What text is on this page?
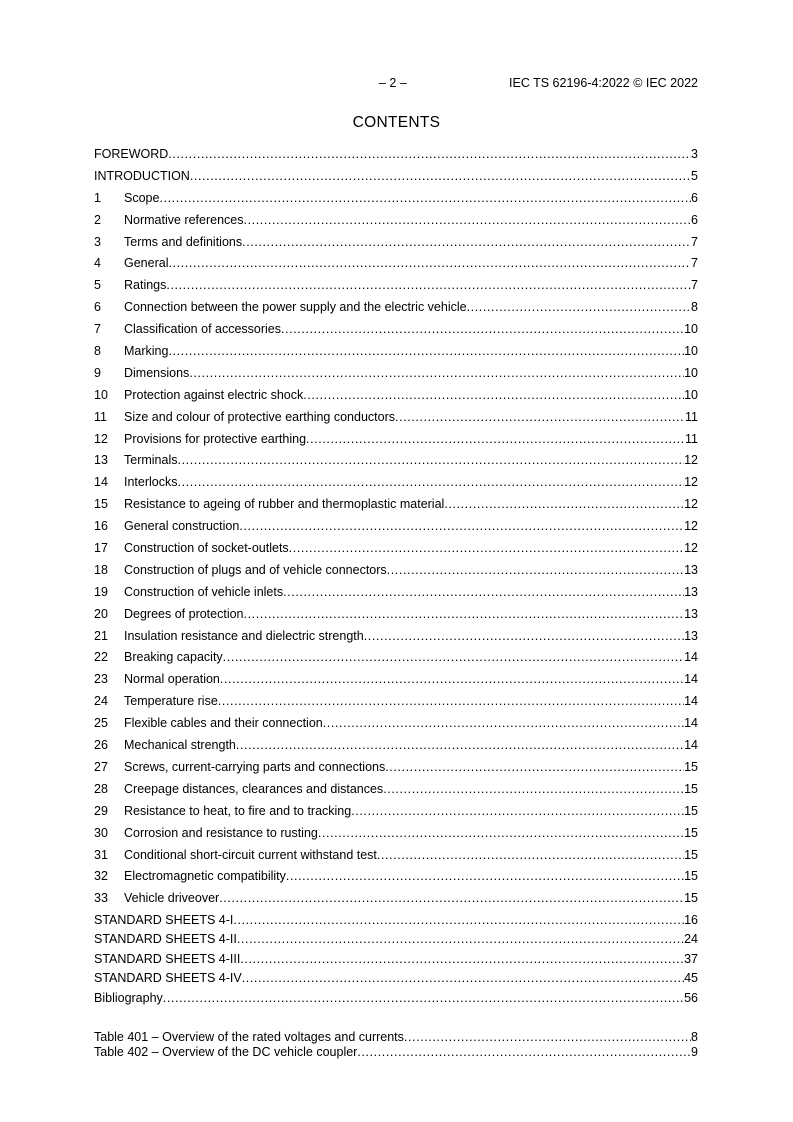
– 2 –	IEC TS 62196-4:2022 © IEC 2022
CONTENTS
FOREWORD .....	3
INTRODUCTION .....	5
1	Scope .....	6
2	Normative references .....	6
3	Terms and definitions .....	7
4	General .....	7
5	Ratings .....	7
6	Connection between the power supply and the electric vehicle .....	8
7	Classification of accessories .....	10
8	Marking .....	10
9	Dimensions .....	10
10	Protection against electric shock .....	10
11	Size and colour of protective earthing conductors .....	11
12	Provisions for protective earthing .....	11
13	Terminals .....	12
14	Interlocks .....	12
15	Resistance to ageing of rubber and thermoplastic material .....	12
16	General construction .....	12
17	Construction of socket-outlets .....	12
18	Construction of plugs and of vehicle connectors .....	13
19	Construction of vehicle inlets .....	13
20	Degrees of protection .....	13
21	Insulation resistance and dielectric strength .....	13
22	Breaking capacity .....	14
23	Normal operation .....	14
24	Temperature rise .....	14
25	Flexible cables and their connection .....	14
26	Mechanical strength .....	14
27	Screws, current-carrying parts and connections .....	15
28	Creepage distances, clearances and distances .....	15
29	Resistance to heat, to fire and to tracking .....	15
30	Corrosion and resistance to rusting .....	15
31	Conditional short-circuit current withstand test .....	15
32	Electromagnetic compatibility .....	15
33	Vehicle driveover .....	15
STANDARD SHEETS 4-I .....	16
STANDARD SHEETS 4-II .....	24
STANDARD SHEETS 4-III .....	37
STANDARD SHEETS 4-IV .....	45
Bibliography .....	56
Table 401 – Overview of the rated voltages and currents .....	8
Table 402 – Overview of the DC vehicle coupler .....	9
